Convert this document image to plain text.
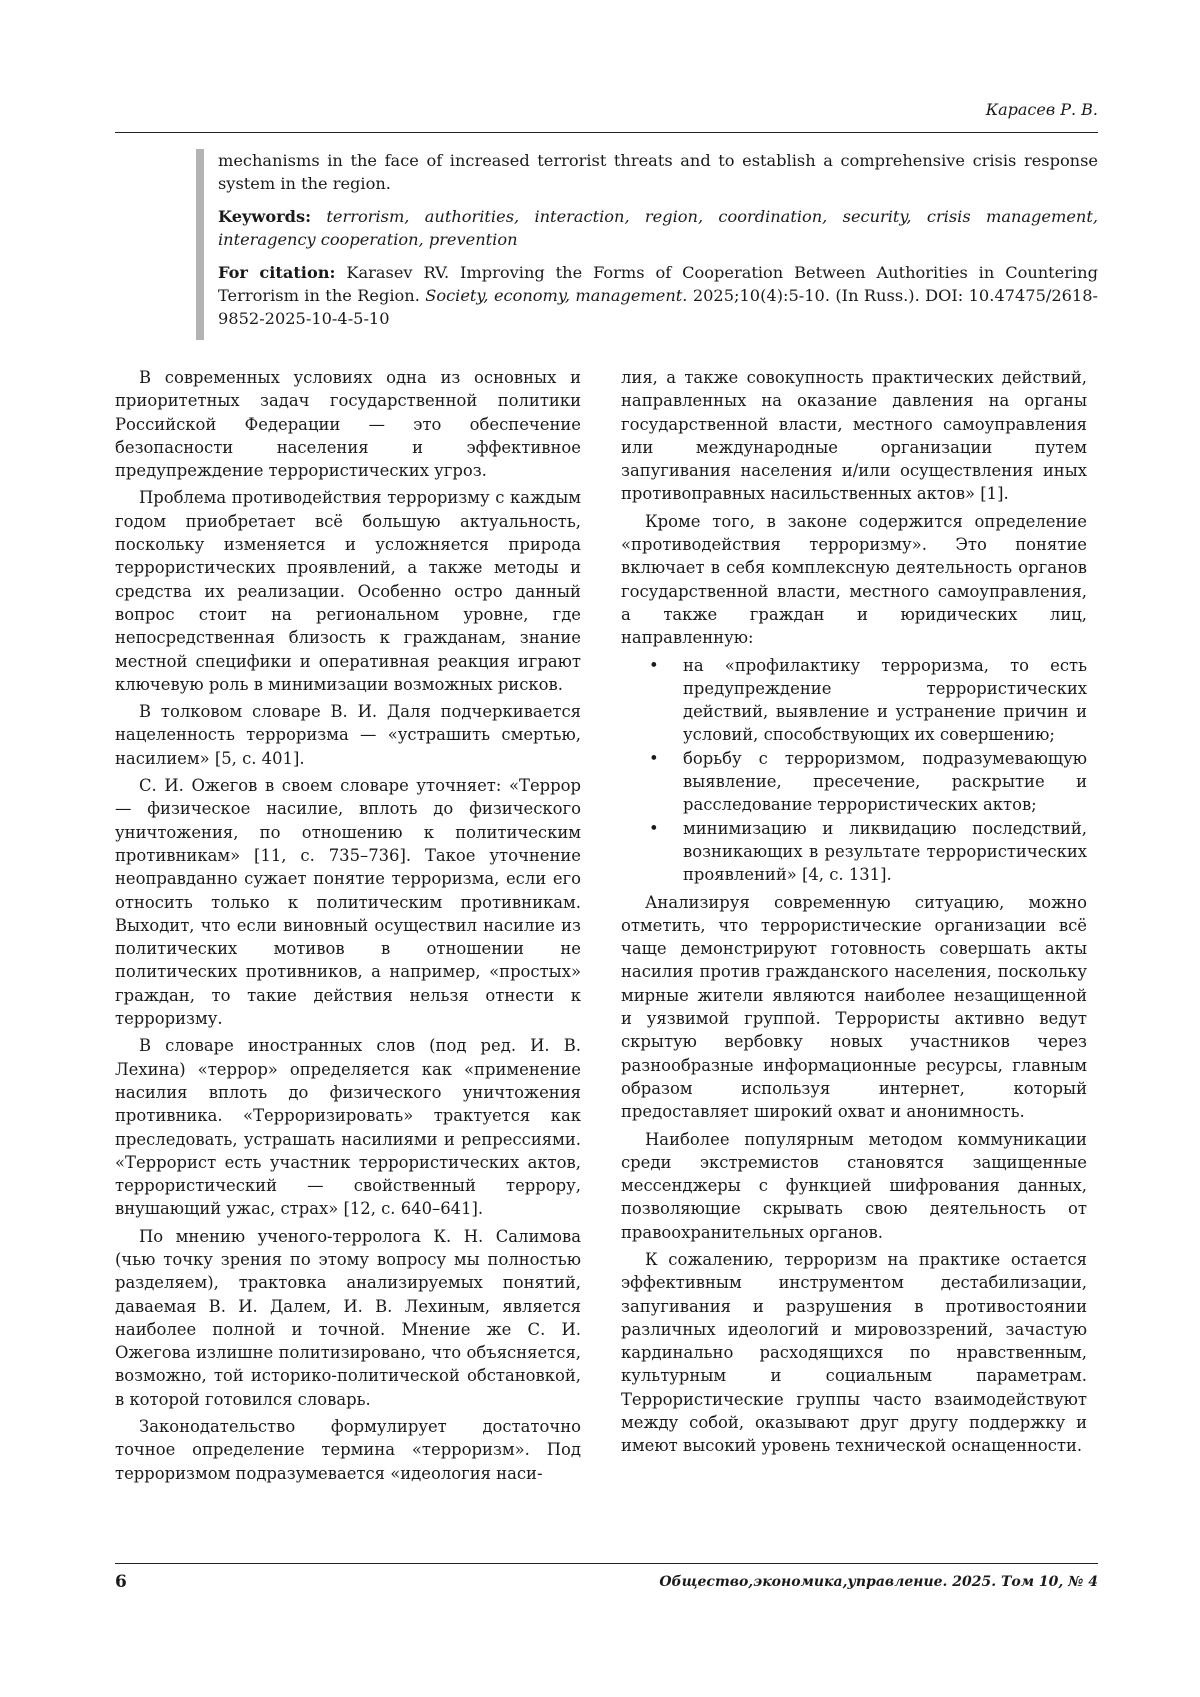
Карасев Р. В.

mechanisms in the face of increased terrorist threats and to establish a comprehensive crisis response system in the region.

Keywords: terrorism, authorities, interaction, region, coordination, security, crisis management, interagency cooperation, prevention

For citation: Karasev RV. Improving the Forms of Cooperation Between Authorities in Countering Terrorism in the Region. Society, economy, management. 2025;10(4):5-10. (In Russ.). DOI: 10.47475/2618-9852-2025-10-4-5-10

В современных условиях одна из основных и приоритетных задач государственной политики Российской Федерации — это обеспечение безопасности населения и эффективное предупреждение террористических угроз.

Проблема противодействия терроризму с каждым годом приобретает всё большую актуальность, поскольку изменяется и усложняется природа террористических проявлений, а также методы и средства их реализации. Особенно остро данный вопрос стоит на региональном уровне, где непосредственная близость к гражданам, знание местной специфики и оперативная реакция играют ключевую роль в минимизации возможных рисков.

В толковом словаре В. И. Даля подчеркивается нацеленность терроризма — «устрашить смертью, насилием» [5, с. 401].

С. И. Ожегов в своем словаре уточняет: «Террор — физическое насилие, вплоть до физического уничтожения, по отношению к политическим противникам» [11, с. 735–736]. Такое уточнение неоправданно сужает понятие терроризма, если его относить только к политическим противникам. Выходит, что если виновный осуществил насилие из политических мотивов в отношении не политических противников, а например, «простых» граждан, то такие действия нельзя отнести к терроризму.

В словаре иностранных слов (под ред. И. В. Лехина) «террор» определяется как «применение насилия вплоть до физического уничтожения противника. «Терроризировать» трактуется как преследовать, устрашать насилиями и репрессиями. «Террорист есть участник террористических актов, террористический — свойственный террору, внушающий ужас, страх» [12, с. 640–641].

По мнению ученого-терролога К. Н. Салимова (чью точку зрения по этому вопросу мы полностью разделяем), трактовка анализируемых понятий, даваемая В. И. Далем, И. В. Лехиным, является наиболее полной и точной. Мнение же С. И. Ожегова излишне политизировано, что объясняется, возможно, той историко-политической обстановкой, в которой готовился словарь.

Законодательство формулирует достаточно точное определение термина «терроризм». Под терроризмом подразумевается «идеология наси-

лия, а также совокупность практических действий, направленных на оказание давления на органы государственной власти, местного самоуправления или международные организации путем запугивания населения и/или осуществления иных противоправных насильственных актов» [1].

Кроме того, в законе содержится определение «противодействия терроризму». Это понятие включает в себя комплексную деятельность органов государственной власти, местного самоуправления, а также граждан и юридических лиц, направленную:

• на «профилактику терроризма, то есть предупреждение террористических действий, выявление и устранение причин и условий, способствующих их совершению;
• борьбу с терроризмом, подразумевающую выявление, пресечение, раскрытие и расследование террористических актов;
• минимизацию и ликвидацию последствий, возникающих в результате террористических проявлений» [4, с. 131].

Анализируя современную ситуацию, можно отметить, что террористические организации всё чаще демонстрируют готовность совершать акты насилия против гражданского населения, поскольку мирные жители являются наиболее незащищенной и уязвимой группой. Террористы активно ведут скрытую вербовку новых участников через разнообразные информационные ресурсы, главным образом используя интернет, который предоставляет широкий охват и анонимность.

Наиболее популярным методом коммуникации среди экстремистов становятся защищенные мессенджеры с функцией шифрования данных, позволяющие скрывать свою деятельность от правоохранительных органов.

К сожалению, терроризм на практике остается эффективным инструментом дестабилизации, запугивания и разрушения в противостоянии различных идеологий и мировоззрений, зачастую кардинально расходящихся по нравственным, культурным и социальным параметрам. Террористические группы часто взаимодействуют между собой, оказывают друг другу поддержку и имеют высокий уровень технической оснащенности.

6	Общество,экономика,управление. 2025. Том 10, № 4
